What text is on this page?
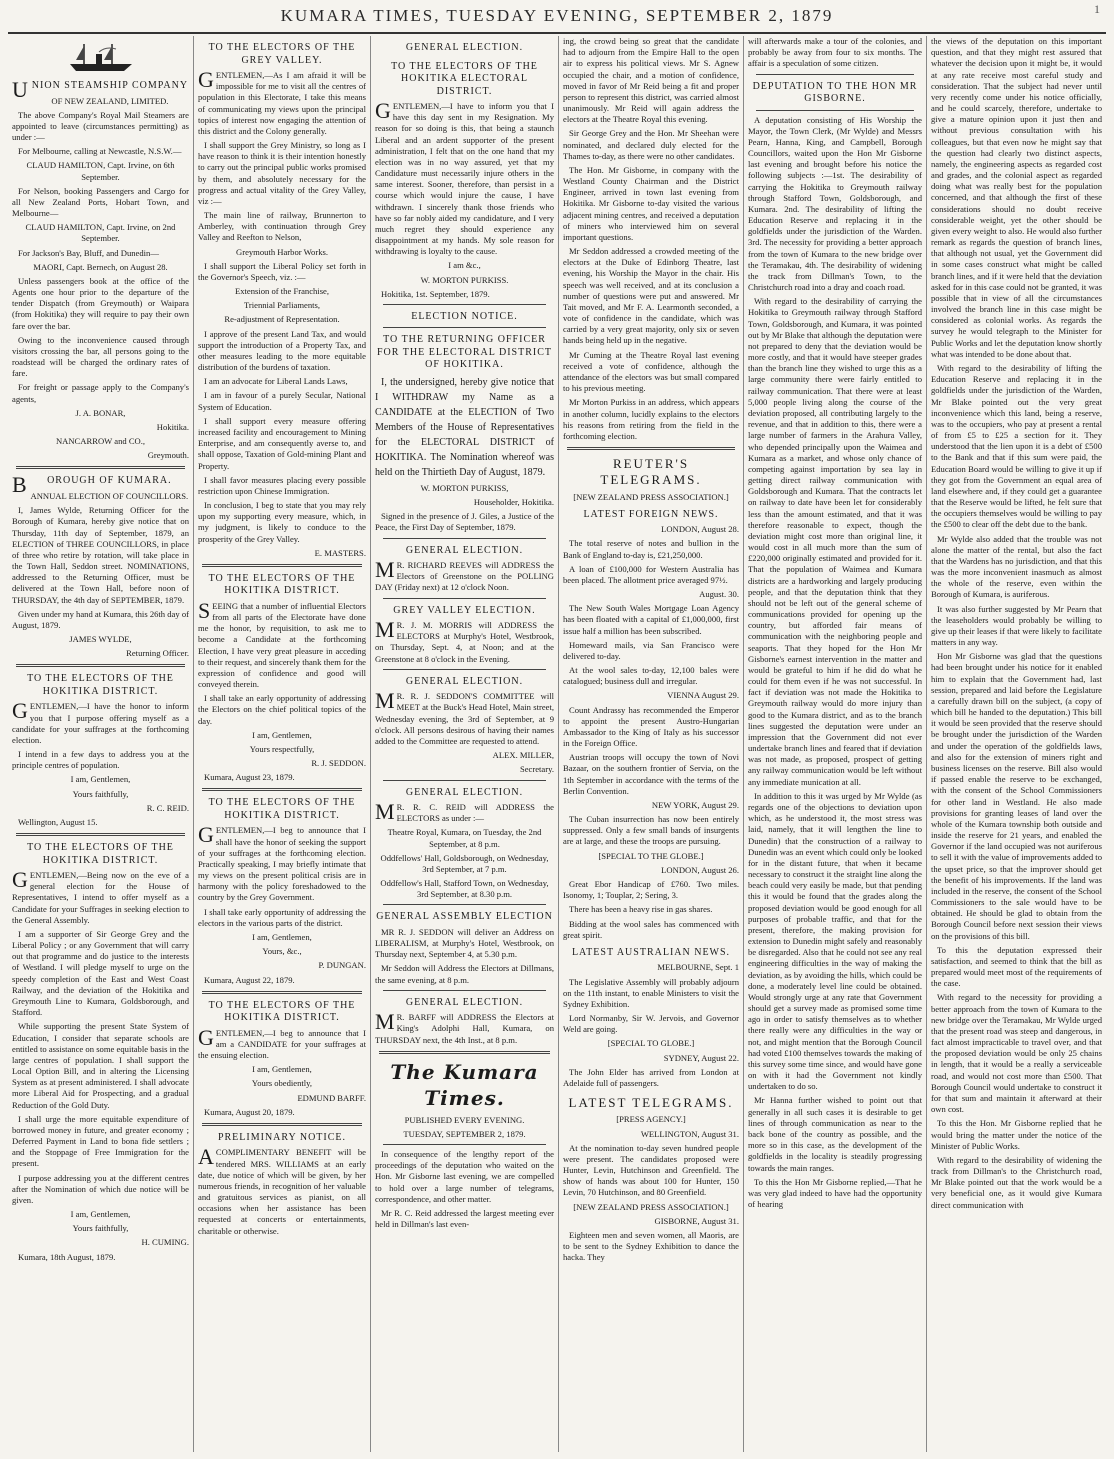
KUMARA TIMES, TUESDAY EVENING, SEPTEMBER 2, 1879	1
UNION STEAMSHIP COMPANY

OF NEW ZEALAND, LIMITED.

The above Company's Royal Mail Steamers are appointed to leave (circumstances permitting) as under :—

For Melbourne, calling at Newcastle, N.S.W.—

CLAUD HAMILTON, Capt. Irvine, on 6th September.

For Nelson, booking Passengers and Cargo for all New Zealand Ports, Hobart Town, and Melbourne—

CLAUD HAMILTON, Capt. Irvine, on 2nd September.

For Jackson's Bay, Bluff, and Dunedin—

MAORI, Capt. Bernech, on August 28.

Unless passengers book at the office of the Agents one hour prior to the departure of the tender Dispatch (from Greymouth) or Waipara (from Hokitika) they will require to pay their own fare over the bar.

Owing to the inconvenience caused through visitors crossing the bar, all persons going to the roadstead will be charged the ordinary rates of fare.

For freight or passage apply to the Company's agents,

J. A. BONAR,

Hokitika.

NANCARROW and CO.,

Greymouth.

B OROUGH OF KUMARA.

ANNUAL ELECTION OF COUNCILLORS.

I, James Wylde, Returning Officer for the Borough of Kumara, hereby give notice that on Thursday, 11th day of September, 1879, an ELECTION of THREE COUNCILLORS, in place of three who retire by rotation, will take place in the Town Hall, Seddon street. NOMINATIONS, addressed to the Returning Officer, must be delivered at the Town Hall, before noon of THURSDAY, the 4th day of SEPTEMBER, 1879.

Given under my hand at Kumara, this 26th day of August, 1879.

JAMES WYLDE,

Returning Officer.

TO THE ELECTORS OF THE HOKITIKA DISTRICT.

GENTLEMEN,—I have the honor to inform you that I purpose offering myself as a candidate for your suffrages at the forthcoming election.

I intend in a few days to address you at the principle centres of population.

I am, Gentlemen,

Yours faithfully,

R. C. REID.

Wellington, August 15.

TO THE ELECTORS OF THE HOKITIKA DISTRICT.

GENTLEMEN,—Being now on the eve of a general election for the House of Representatives, I intend to offer myself as a Candidate for your Suffrages in seeking election to the General Assembly.

I am a supporter of Sir George Grey and the Liberal Policy ; or any Government that will carry out that programme and do justice to the interests of Westland. I will pledge myself to urge on the speedy completion of the East and West Coast Railway, and the deviation of the Hokitika and Greymouth Line to Kumara, Goldsborough, and Stafford.

While supporting the present State System of Education, I consider that separate schools are entitled to assistance on some equitable basis in the large centres of population. I shall support the Local Option Bill, and in altering the Licensing System as at present administered. I shall advocate more Liberal Aid for Prospecting, and a gradual Reduction of the Gold Duty.

I shall urge the more equitable expenditure of borrowed money in future, and greater economy ; Deferred Payment in Land to bona fide settlers ; and the Stoppage of Free Immigration for the present.

I purpose addressing you at the different centres after the Nomination of which due notice will be given.

I am, Gentlemen,

Yours faithfully,

H. CUMING.

Kumara, 18th August, 1879.

TO THE ELECTORS OF THE GREY VALLEY.

GENTLEMEN,—As I am afraid it will be impossible for me to visit all the centres of population in this Electorate, I take this means of communicating my views upon the principal topics of interest now engaging the attention of this district and the Colony generally.

I shall support the Grey Ministry, so long as I have reason to think it is their intention honestly to carry out the principal public works promised by them, and absolutely necessary for the progress and actual vitality of the Grey Valley, viz :—

The main line of railway, Brunnerton to Amberley, with continuation through Grey Valley and Reefton to Nelson,

Greymouth Harbor Works.

I shall support the Liberal Policy set forth in the Governor's Speech, viz. :—

Extension of the Franchise,

Triennial Parliaments,

Re-adjustment of Representation.

I approve of the present Land Tax, and would support the introduction of a Property Tax, and other measures leading to the more equitable distribution of the burdens of taxation.

I am an advocate for Liberal Lands Laws,

I am in favour of a purely Secular, National System of Education.

I shall support every measure offering increased facility and encouragement to Mining Enterprise, and am consequently averse to, and shall oppose, Taxation of Gold-mining Plant and Property.

I shall favor measures placing every possible restriction upon Chinese Immigration.

In conclusion, I beg to state that you may rely upon my supporting every measure, which, in my judgment, is likely to conduce to the prosperity of the Grey Valley.

E. MASTERS.

TO THE ELECTORS OF THE HOKITIKA DISTRICT.

SEEING that a number of influential Electors from all parts of the Electorate have done me the honor, by requisition, to ask me to become a Candidate at the forthcoming Election, I have very great pleasure in acceding to their request, and sincerely thank them for the expression of confidence and good will conveyed therein.

I shall take an early opportunity of addressing the Electors on the chief political topics of the day.

I am, Gentlemen,

Yours respectfully,

R. J. SEDDON.

Kumara, August 23, 1879.

TO THE ELECTORS OF THE HOKITIKA DISTRICT.

GENTLEMEN,—I beg to announce that I shall have the honor of seeking the support of your suffrages at the forthcoming election. Practically speaking, I may briefly intimate that my views on the present political crisis are in harmony with the policy foreshadowed to the country by the Grey Government.

I shall take early opportunity of addressing the electors in the various parts of the district.

I am, Gentlemen,

Yours, &c.,

P. DUNGAN.

Kumara, August 22, 1879.

TO THE ELECTORS OF THE HOKITIKA DISTRICT.

GENTLEMEN,—I beg to announce that I am a CANDIDATE for your suffrages at the ensuing election.

I am, Gentlemen,

Yours obediently,

EDMUND BARFF.

Kumara, August 20, 1879.

PRELIMINARY NOTICE.

ACOMPLIMENTARY BENEFIT will be tendered MRS. WILLIAMS at an early date, due notice of which will be given, by her numerous friends, in recognition of her valuable and gratuitous services as pianist, on all occasions when her assistance has been requested at concerts or entertainments, charitable or otherwise.

GENERAL ELECTION.
TO THE ELECTORS OF THE HOKITIKA ELECTORAL DISTRICT.

GENTLEMEN,—I have to inform you that I have this day sent in my Resignation. My reason for so doing is this, that being a staunch Liberal and an ardent supporter of the present administration, I felt that on the one hand that my election was in no way assured, yet that my Candidature must necessarily injure others in the same interest. Sooner, therefore, than persist in a course which would injure the cause, I have withdrawn. I sincerely thank those friends who have so far nobly aided my candidature, and I very much regret they should experience any disappointment at my hands. My sole reason for withdrawing is loyalty to the cause.

I am &c.,

W. MORTON PURKISS.

Hokitika, 1st. September, 1879.

ELECTION NOTICE.
TO THE RETURNING OFFICER FOR THE ELECTORAL DISTRICT OF HOKITIKA.

I, the undersigned, hereby give notice that I WITHDRAW my Name as a CANDIDATE at the ELECTION of Two Members of the House of Representatives for the ELECTORAL DISTRICT of HOKITIKA. The Nomination whereof was held on the Thirtieth Day of August, 1879.

W. MORTON PURKISS,

Householder, Hokitika.

Signed in the presence of J. Giles, a Justice of the Peace, the First Day of September, 1879.

GENERAL ELECTION.

M R. RICHARD REEVES will ADDRESS the Electors of Greenstone on the POLLING DAY (Friday next) at 12 o'clock Noon.

GREY VALLEY ELECTION.

M R. J. M. MORRIS will ADDRESS the ELECTORS at Murphy's Hotel, Westbrook, on Thursday, Sept. 4, at Noon; and at the Greenstone at 8 o'clock in the Evening.

GENERAL ELECTION.

M R. R. J. SEDDON'S COMMITTEE will MEET at the Buck's Head Hotel, Main street, Wednesday evening, the 3rd of September, at 9 o'clock. All persons desirous of having their names added to the Committee are requested to attend.

ALEX. MILLER,

Secretary.

GENERAL ELECTION.

M R. R. C. REID will ADDRESS the ELECTORS as under :—

Theatre Royal, Kumara, on Tuesday, the 2nd September, at 8 p.m.

Oddfellows' Hall, Goldsborough, on Wednesday, 3rd September, at 7 p.m.

Oddfellow's Hall, Stafford Town, on Wednesday, 3rd September, at 8.30 p.m.

GENERAL ASSEMBLY ELECTION

MR R. J. SEDDON will deliver an Address on LIBERALISM, at Murphy's Hotel, Westbrook, on Thursday next, September 4, at 5.30 p.m.

Mr Seddon will Address the Electors at Dillmans, the same evening, at 8 p.m.

GENERAL ELECTION.

M R. BARFF will ADDRESS the Electors at King's Adolphi Hall, Kumara, on THURSDAY next, the 4th Inst., at 8 p.m.

The Kumara Times.

PUBLISHED EVERY EVENING.

TUESDAY, SEPTEMBER 2, 1879.

In consequence of the lengthy report of the proceedings of the deputation who waited on the Hon. Mr Gisborne last evening, we are compelled to hold over a large number of telegrams, correspondence, and other matter.

Mr R. C. Reid addressed the largest meeting ever held in Dillman's last even-

ing, the crowd being so great that the candidate had to adjourn from the Empire Hall to the open air to express his political views. Mr S. Agnew occupied the chair, and a motion of confidence, moved in favor of Mr Reid being a fit and proper person to represent this district, was carried almost unanimously. Mr Reid will again address the electors at the Theatre Royal this evening.

Sir George Grey and the Hon. Mr Sheehan were nominated, and declared duly elected for the Thames to-day, as there were no other candidates.

The Hon. Mr Gisborne, in company with the Westland County Chairman and the District Engineer, arrived in town last evening from Hokitika. Mr Gisborne to-day visited the various adjacent mining centres, and received a deputation of miners who interviewed him on several important questions.

Mr Seddon addressed a crowded meeting of the electors at the Duke of Edinborg Theatre, last evening, his Worship the Mayor in the chair. His speech was well received, and at its conclusion a number of questions were put and answered. Mr Tait moved, and Mr F. A. Learmonth seconded, a vote of confidence in the candidate, which was carried by a very great majority, only six or seven hands being held up in the negative.

Mr Cuming at the Theatre Royal last evening received a vote of confidence, although the attendance of the electors was but small compared to his previous meeting.

Mr Morton Purkiss in an address, which appears in another column, lucidly explains to the electors his reasons from retiring from the field in the forthcoming election.

REUTER'S TELEGRAMS.

[NEW ZEALAND PRESS ASSOCIATION.]

LATEST FOREIGN NEWS.

LONDON, August 28.

The total reserve of notes and bullion in the Bank of England to-day is, £21,250,000.

A loan of £100,000 for Western Australia has been placed. The allotment price averaged 97½.

August. 30.

The New South Wales Mortgage Loan Agency has been floated with a capital of £1,000,000, first issue half a million has been subscribed.

Homeward mails, via San Francisco were delivered to-day.

At the wool sales to-day, 12,100 bales were catalogued; business dull and irregular.

VIENNA August 29.

Count Andrassy has recommended the Emperor to appoint the present Austro-Hungarian Ambassador to the King of Italy as his successor in the Foreign Office.

Austrian troops will occupy the town of Novi Bazaar, on the southern frontier of Servia, on the 1th September in accordance with the terms of the Berlin Convention.

NEW YORK, August 29.

The Cuban insurrection has now been entirely suppressed. Only a few small bands of insurgents are at large, and these the troops are pursuing.

[SPECIAL TO THE GLOBE.]

LONDON, August 26.

Great Ebor Handicap of £760. Two miles. Isonomy, 1; Touplar, 2; Sering, 3.

There has been a heavy rise in gas shares.

Bidding at the wool sales has commenced with great spirit.

LATEST AUSTRALIAN NEWS.

MELBOURNE, Sept. 1

The Legislative Assembly will probably adjourn on the 11th instant, to enable Ministers to visit the Sydney Exhibition.

Lord Normanby, Sir W. Jervois, and Governor Weld are going.

[SPECIAL TO GLOBE.]

SYDNEY, August 22.

The John Elder has arrived from London at Adelaide full of passengers.

LATEST TELEGRAMS.

[PRESS AGENCY.]

WELLINGTON, August 31.

At the nomination to-day seven hundred people were present. The candidates proposed were Hunter, Levin, Hutchinson and Greenfield. The show of hands was about 100 for Hunter, 150 Levin, 70 Hutchinson, and 80 Greenfield.

[NEW ZEALAND PRESS ASSOCIATION.]

GISBORNE, August 31.

Eighteen men and seven women, all Maoris, are to be sent to the Sydney Exhibition to dance the hacka. They

will afterwards make a tour of the colonies, and probably be away from four to six months. The affair is a speculation of some citizen.

DEPUTATION TO THE HON MR GISBORNE.

A deputation consisting of His Worship the Mayor, the Town Clerk, (Mr Wylde) and Messrs Pearn, Hanna, King, and Campbell, Borough Councillors, waited upon the Hon Mr Gisborne last evening and brought before his notice the following subjects :—1st. The desirability of carrying the Hokitika to Greymouth railway through Stafford Town, Goldsborough, and Kumara. 2nd. The desirability of lifting the Education Reserve and replacing it in the goldfields under the jurisdiction of the Warden. 3rd. The necessity for providing a better approach from the town of Kumara to the new bridge over the Teramakau, 4th. The desirability of widening the track from Dillman's Town, to the Christchurch road into a dray and coach road.

With regard to the desirability of carrying the Hokitika to Greymouth railway through Stafford Town, Goldsborough, and Kumara, it was pointed out by Mr Blake that although the deputation were not prepared to deny that the deviation would be more costly, and that it would have steeper grades than the branch line they wished to urge this as a large community there were fairly entitled to railway communication. That there were at least 5,000 people living along the course of the deviation proposed, all contributing largely to the revenue, and that in addition to this, there were a large number of farmers in the Arahura Valley, who depended principally upon the Waimea and Kumara as a market, and whose only chance of competing against importation by sea lay in getting direct railway communication with Goldsborough and Kumara. That the contracts let on railway to date have been let for considerably less than the amount estimated, and that it was therefore reasonable to expect, though the deviation might cost more than original line, it would cost in all much more than the sum of £220,000 originally estimated and provided for it. That the population of Waimea and Kumara districts are a hardworking and largely producing people, and that the deputation think that they should not be left out of the general scheme of communications provided for opening up the country, but afforded fair means of communication with the neighboring people and seaports. That they hoped for the Hon Mr Gisborne's earnest intervention in the matter and would be grateful to him if he did do what he could for them even if he was not successful. In fact if deviation was not made the Hokitika to Greymouth railway would do more injury than good to the Kumara district, and as to the branch lines suggested the deputation were under an impression that the Government did not ever undertake branch lines and feared that if deviation was not made, as proposed, prospect of getting any railway communication would be left without any immediate munication at all.

In addition to this it was urged by Mr Wylde (as regards one of the objections to deviation upon which, as he understood it, the most stress was laid, namely, that it will lengthen the line to Dunedin) that the construction of a railway to Dunedin was an event which could only be looked for in the distant future, that when it became necessary to construct it the straight line along the beach could very easily be made, but that pending this it would be found that the grades along the proposed deviation would be good enough for all purposes of probable traffic, and that for the present, therefore, the making provision for extension to Dunedin might safely and reasonably be disregarded. Also that he could not see any real engineering difficulties in the way of making the deviation, as by avoiding the hills, which could be done, a moderately level line could be obtained. Would strongly urge at any rate that Government should get a survey made as promised some time ago in order to satisfy themselves as to whether there really were any difficulties in the way or not, and might mention that the Borough Council had voted £100 themselves towards the making of this survey some time since, and would have gone on with it had the Government not kindly undertaken to do so.

Mr Hanna further wished to point out that generally in all such cases it is desirable to get lines of through communication as near to the back bone of the country as possible, and the more so in this case, as the development of the goldfields in the locality is steadily progressing towards the main ranges.

To this the Hon Mr Gisborne replied,—That he was very glad indeed to have had the opportunity of hearing

the views of the deputation on this important question, and that they might rest assured that whatever the decision upon it might be, it would at any rate receive most careful study and consideration. That the subject had never until very recently come under his notice officially, and he could scarcely, therefore, undertake to give a mature opinion upon it just then and without previous consultation with his colleagues, but that even now he might say that the question had clearly two distinct aspects, namely, the engineering aspects as regarded cost and grades, and the colonial aspect as regarded doing what was really best for the population concerned, and that although the first of these considerations should no doubt receive considerable weight, yet the other should be given every weight to also. He would also further remark as regards the question of branch lines, that although not usual, yet the Government did in some cases construct what might be called branch lines, and if it were held that the deviation asked for in this case could not be granted, it was possible that in view of all the circumstances involved the branch line in this case might be considered as colonial works. As regards the survey he would telegraph to the Minister for Public Works and let the deputation know shortly what was intended to be done about that.

With regard to the desirability of lifting the Education Reserve and replacing it in the goldfields under the jurisdiction of the Warden, Mr Blake pointed out the very great inconvenience which this land, being a reserve, was to the occupiers, who pay at present a rental of from £5 to £25 a section for it. They understood that the lien upon it is a debt of £500 to the Bank and that if this sum were paid, the Education Board would be willing to give it up if they got from the Government an equal area of land elsewhere and, if they could get a guarantee that the Reserve would be lifted, he felt sure that the occupiers themselves would be willing to pay the £500 to clear off the debt due to the bank.

Mr Wylde also added that the trouble was not alone the matter of the rental, but also the fact that the Wardens has no jurisdiction, and that this was the more inconvenient inasmuch as almost the whole of the reserve, even within the Borough of Kumara, is auriferous.

It was also further suggested by Mr Pearn that the leaseholders would probably be willing to give up their leases if that were likely to facilitate matters in any way.

Hon Mr Gisborne was glad that the questions had been brought under his notice for it enabled him to explain that the Government had, last session, prepared and laid before the Legislature a carefully drawn bill on the subject, (a copy of which bill he handed to the deputation.) This bill it would be seen provided that the reserve should be brought under the jurisdiction of the Warden and under the operation of the goldfields laws, and also for the extension of miners right and business licenses on the reserve. Bill also would if passed enable the reserve to be exchanged, with the consent of the School Commissioners for other land in Westland. He also made provisions for granting leases of land over the whole of the Kumara township both outside and inside the reserve for 21 years, and enabled the Governor if the land occupied was not auriferous to sell it with the value of improvements added to the upset price, so that the improver should get the benefit of his improvements. If the land was included in the reserve, the consent of the School Commissioners to the sale would have to be obtained. He should be glad to obtain from the Borough Council before next session their views on the provisions of this bill.

To this the deputation expressed their satisfaction, and seemed to think that the bill as prepared would meet most of the requirements of the case.

With regard to the necessity for providing a better approach from the town of Kumara to the new bridge over the Teramakau, Mr Wylde urged that the present road was steep and dangerous, in fact almost impracticable to travel over, and that the proposed deviation would be only 25 chains in length, that it would be a really a serviceable road, and would not cost more than £500. That Borough Council would undertake to construct it for that sum and maintain it afterward at their own cost.

To this the Hon. Mr Gisborne replied that he would bring the matter under the notice of the Minister of Public Works.

With regard to the desirability of widening the track from Dillman's to the Christchurch road, Mr Blake pointed out that the work would be a very beneficial one, as it would give Kumara direct communication with
